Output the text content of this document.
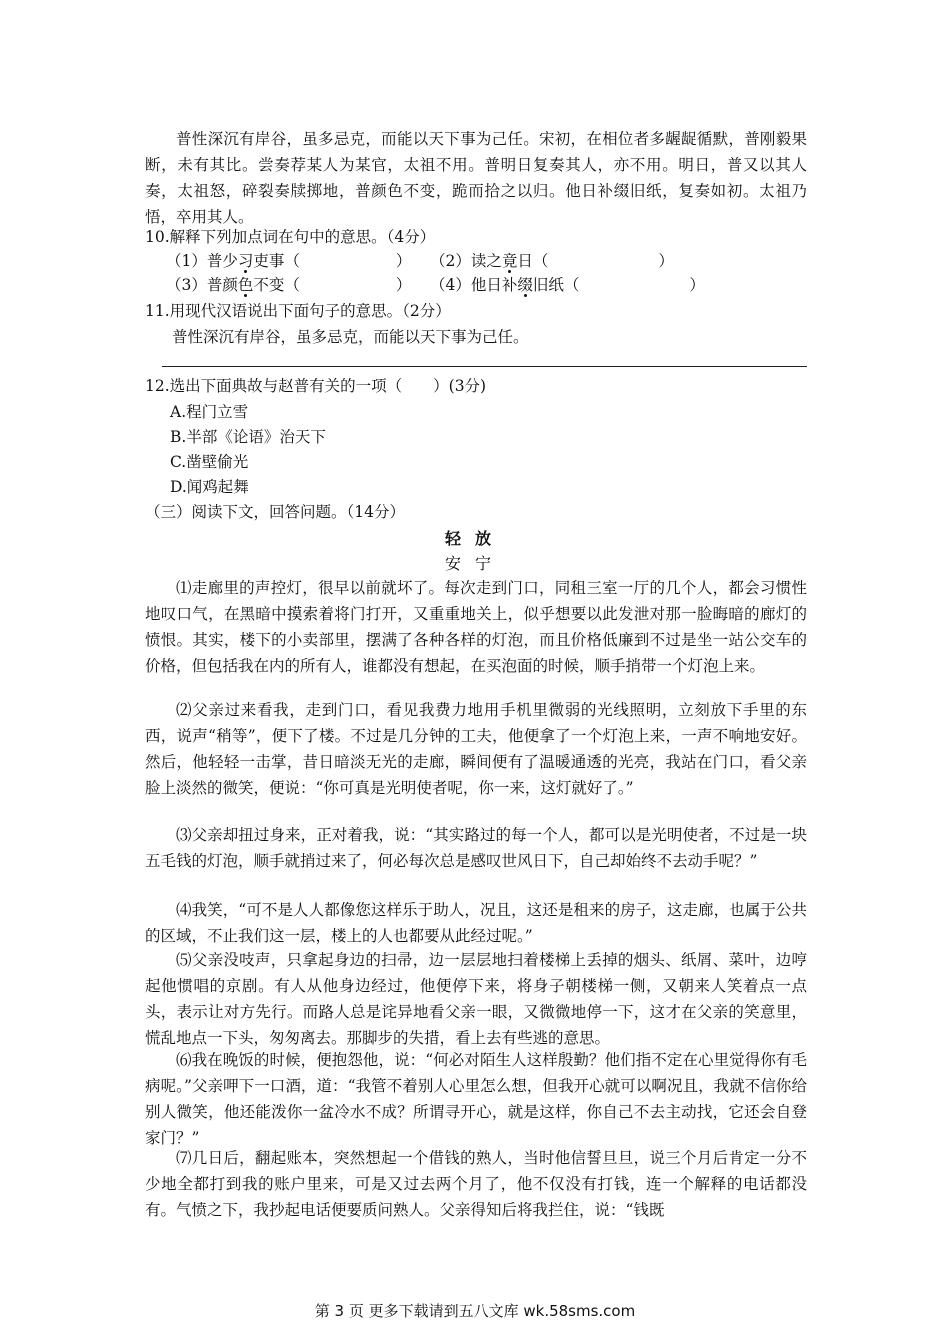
普性深沉有岸谷，虽多忌克，而能以天下事为己任。宋初，在相位者多龌龊循默，普刚毅果断，未有其比。尝奏荐某人为某官，太祖不用。普明日复奏其人，亦不用。明日，普又以其人奏，太祖怒，碎裂奏牍掷地，普颜色不变，跪而拾之以归。他日补缀旧纸，复奏如初。太祖乃悟，卒用其人。

10.解释下列加点词在句中的意思。（4分）

（1）普少习吏事（	） （2）读之竟日（	）

（3）普颜色不变（	） （4）他日补缀旧纸（	）

11.用现代汉语说出下面句子的意思。（2分）

普性深沉有岸谷，虽多忌克，而能以天下事为己任。

12.选出下面典故与赵普有关的一项（　　）(3分)

A.程门立雪

B.半部《论语》治天下

C.凿壁偷光

D.闻鸡起舞

（三）阅读下文，回答问题。（14分）

轻放
安宁

⑴走廊里的声控灯，很早以前就坏了。每次走到门口，同租三室一厅的几个人，都会习惯性地叹口气，在黑暗中摸索着将门打开，又重重地关上，似乎想要以此发泄对那一脸晦暗的廊灯的愤恨。其实，楼下的小卖部里，摆满了各种各样的灯泡，而且价格低廉到不过是坐一站公交车的价格，但包括我在内的所有人，谁都没有想起，在买泡面的时候，顺手捎带一个灯泡上来。

⑵父亲过来看我，走到门口，看见我费力地用手机里微弱的光线照明，立刻放下手里的东西，说声“稍等”，便下了楼。不过是几分钟的工夫，他便拿了一个灯泡上来，一声不响地安好。然后，他轻轻一击掌，昔日暗淡无光的走廊，瞬间便有了温暖通透的光亮，我站在门口，看父亲脸上淡然的微笑，便说：“你可真是光明使者呢，你一来，这灯就好了。”

⑶父亲却扭过身来，正对着我，说：“其实路过的每一个人，都可以是光明使者，不过是一块五毛钱的灯泡，顺手就捎过来了，何必每次总是感叹世风日下，自己却始终不去动手呢？”

⑷我笑，“可不是人人都像您这样乐于助人，况且，这还是租来的房子，这走廊，也属于公共的区域，不止我们这一层，楼上的人也都要从此经过呢。”

⑸父亲没吱声，只拿起身边的扫帚，边一层层地扫着楼梯上丢掉的烟头、纸屑、菜叶，边哼起他惯唱的京剧。有人从他身边经过，他便停下来，将身子朝楼梯一侧，又朝来人笑着点一点头，表示让对方先行。而路人总是诧异地看父亲一眼，又微微地停一下，这才在父亲的笑意里，慌乱地点一下头，匆匆离去。那脚步的失措，看上去有些逃的意思。

⑹我在晚饭的时候，便抱怨他，说：“何必对陌生人这样殷勤？他们指不定在心里觉得你有毛病呢。”父亲呷下一口酒，道：“我管不着别人心里怎么想，但我开心就可以啊况且，我就不信你给别人微笑，他还能泼你一盆冷水不成？所谓寻开心，就是这样，你自己不去主动找，它还会自登家门？”

⑺几日后，翻起账本，突然想起一个借钱的熟人，当时他信誓旦旦，说三个月后肯定一分不少地全都打到我的账户里来，可是又过去两个月了，他不仅没有打钱，连一个解释的电话都没有。气愤之下，我抄起电话便要质问熟人。父亲得知后将我拦住，说：“钱既

第 3 页 更多下载请到五八文库 wk.58sms.com
